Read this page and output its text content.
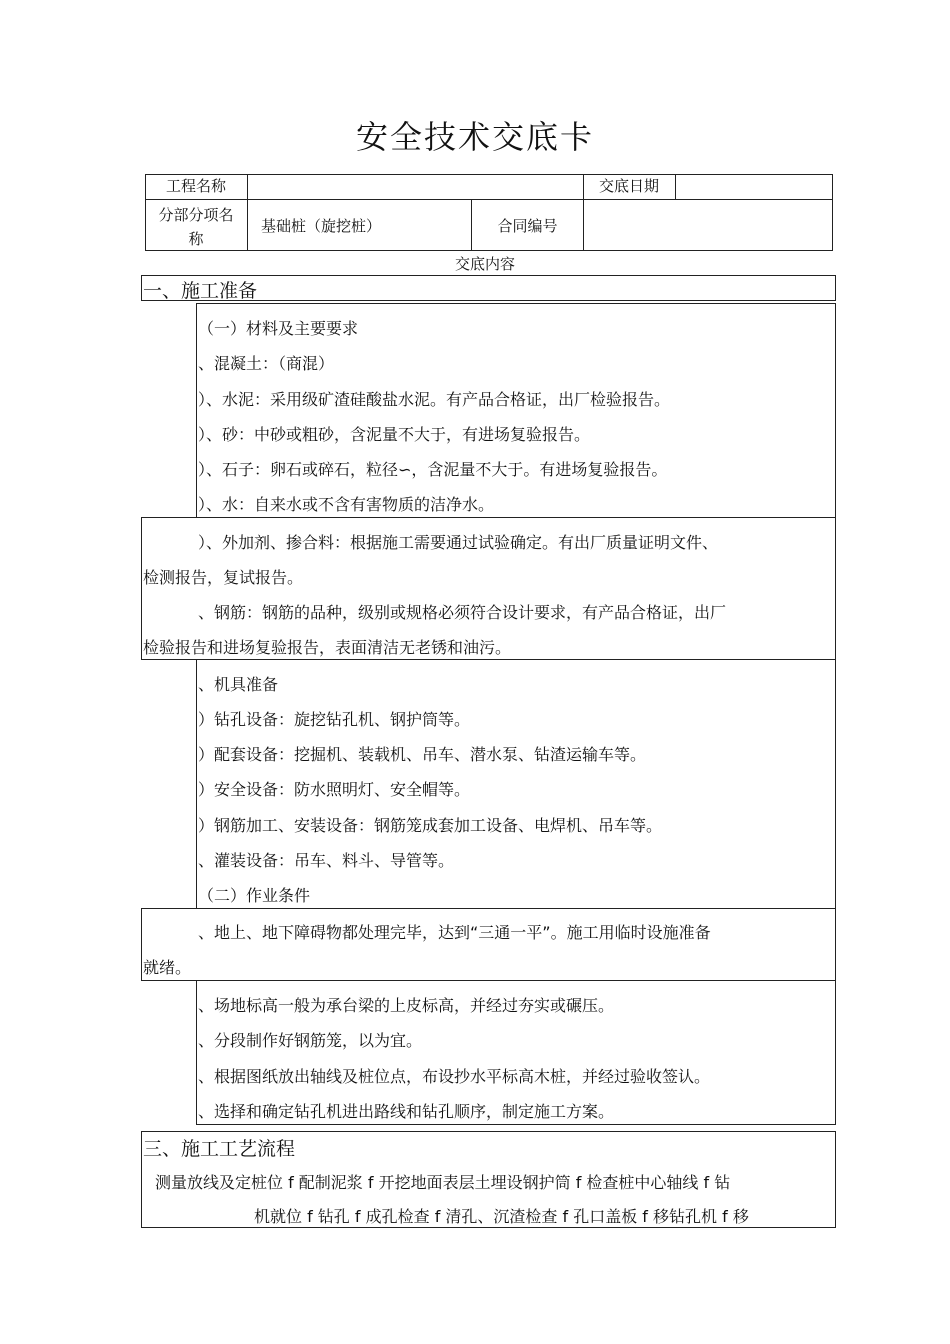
安全技术交底卡
工程名称	交底日期
分部分项名
称
基础桩（旋挖桩）	合同编号
交底内容
一、施工准备
（一）材料及主要要求
、混凝土：（商混）
）、水泥：采用级矿渣硅酸盐水泥。有产品合格证，出厂检验报告。
）、砂：中砂或粗砂，含泥量不大于，有进场复验报告。
）、石子：卵石或碎石，粒径∽，含泥量不大于。有进场复验报告。
）、水：自来水或不含有害物质的洁净水。
）、外加剂、掺合料：根据施工需要通过试验确定。有出厂质量证明文件、
检测报告，复试报告。
、钢筋：钢筋的品种，级别或规格必须符合设计要求，有产品合格证，出厂
检验报告和进场复验报告，表面清洁无老锈和油污。
、机具准备
）钻孔设备：旋挖钻孔机、钢护筒等。
）配套设备：挖掘机、装载机、吊车、潜水泵、钻渣运输车等。
）安全设备：防水照明灯、安全帽等。
）钢筋加工、安装设备：钢筋笼成套加工设备、电焊机、吊车等。
、灌装设备：吊车、料斗、导管等。
（二）作业条件
、地上、地下障碍物都处理完毕，达到“三通一平”。施工用临时设施准备
就绪。
、场地标高一般为承台梁的上皮标高，并经过夯实或碾压。
、分段制作好钢筋笼，以为宜。
、根据图纸放出轴线及桩位点，布设抄水平标高木桩，并经过验收签认。
、选择和确定钻孔机进出路线和钻孔顺序，制定施工方案。
三、施工工艺流程
测量放线及定桩位 f 配制泥浆 f 开挖地面表层土埋设钢护筒 f 检查桩中心轴线 f 钻
机就位 f 钻孔 f 成孔检查 f 清孔、沉渣检查 f 孔口盖板 f 移钻孔机 f 移
